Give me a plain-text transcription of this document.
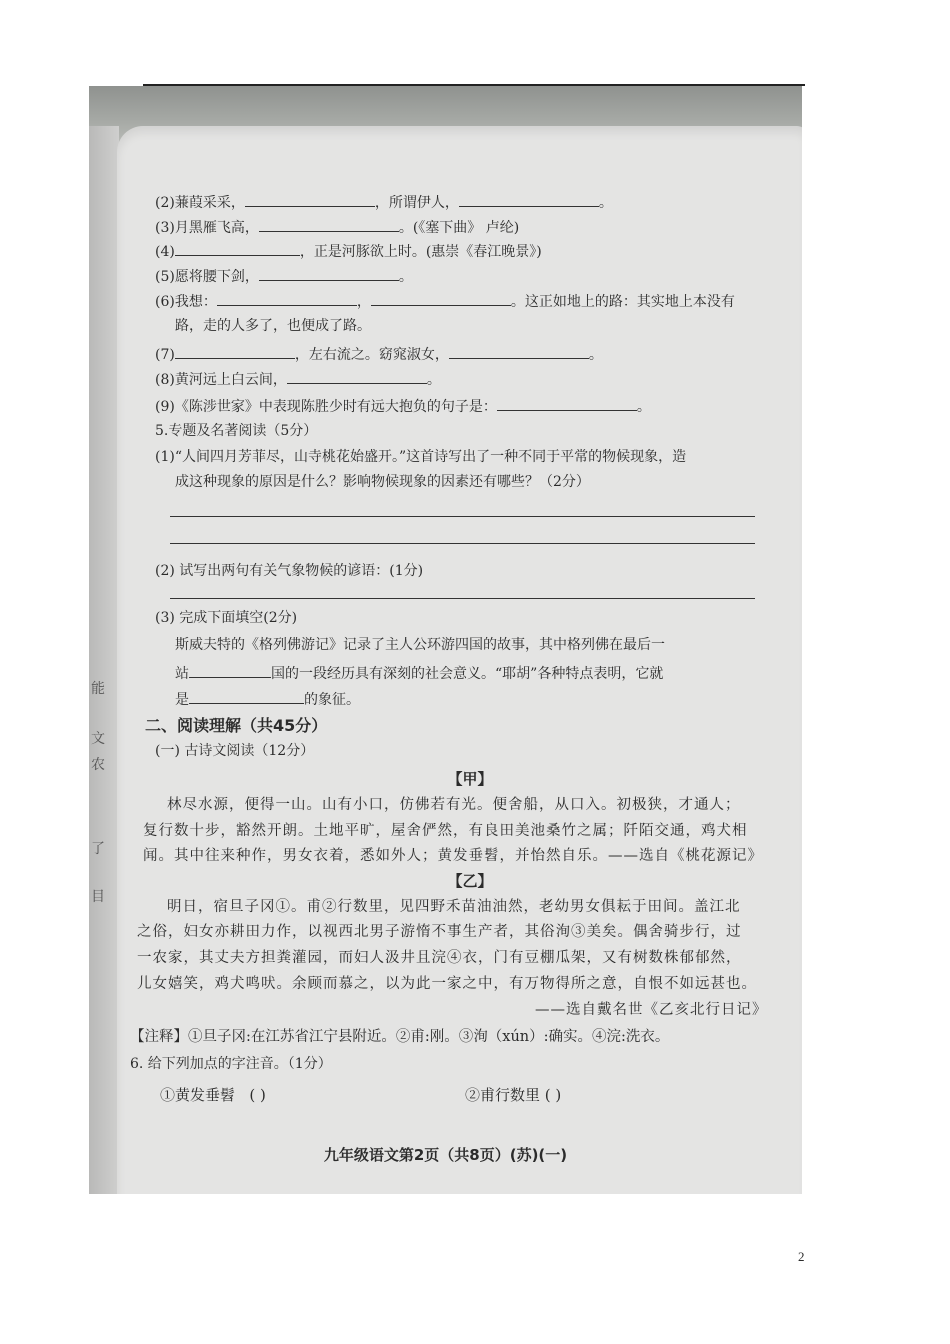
能
文
农
了
目
九年级语文第2页（共8页）(苏)(一)
(2)蒹葭采采，	，所谓伊人，	。
(3)月黑雁飞高，	。(《塞下曲》 卢纶)
(4)	，正是河豚欲上时。(惠崇《春江晚景》)
(5)愿将腰下剑，	。
(6)我想：	，	。这正如地上的路：其实地上本没有
路，走的人多了，也便成了路。
(7)	，左右流之。窈窕淑女，	。
(8)黄河远上白云间，	。
(9)《陈涉世家》中表现陈胜少时有远大抱负的句子是：	。
5.专题及名著阅读（5分）
(1)“人间四月芳菲尽，山寺桃花始盛开。”这首诗写出了一种不同于平常的物候现象，造
成这种现象的原因是什么？影响物候现象的因素还有哪些？（2分）
(2) 试写出两句有关气象物候的谚语：(1分)
(3) 完成下面填空(2分)
斯威夫特的《格列佛游记》记录了主人公环游四国的故事，其中格列佛在最后一
站	国的一段经历具有深刻的社会意义。“耶胡”各种特点表明，它就
是	的象征。
二、阅读理解（共45分）
(一) 古诗文阅读（12分）
【甲】
林尽水源，便得一山。山有小口，仿佛若有光。便舍船，从口入。初极狭，才通人；
复行数十步，豁然开朗。土地平旷，屋舍俨然，有良田美池桑竹之属；阡陌交通，鸡犬相
闻。其中往来种作，男女衣着，悉如外人；黄发垂髫，并怡然自乐。——选自《桃花源记》
【乙】
明日，宿旦子冈①。甫②行数里，见四野禾苗油油然，老幼男女俱耘于田间。盖江北
之俗，妇女亦耕田力作，以视西北男子游惰不事生产者，其俗洵③美矣。偶舍骑步行，过
一农家，其丈夫方担粪灌园，而妇人汲井且浣④衣，门有豆棚瓜架，又有树数株郁郁然，
儿女嬉笑，鸡犬鸣吠。余顾而慕之，以为此一家之中，有万物得所之意，自恨不如远甚也。
——选自戴名世《乙亥北行日记》
【注释】①旦子冈:在江苏省江宁县附近。②甫:刚。③洵（xún）:确实。④浣:洗衣。
6. 给下列加点的字注音。（1分）
①黄发垂髫 ( )	②甫行数里 ( )
2
